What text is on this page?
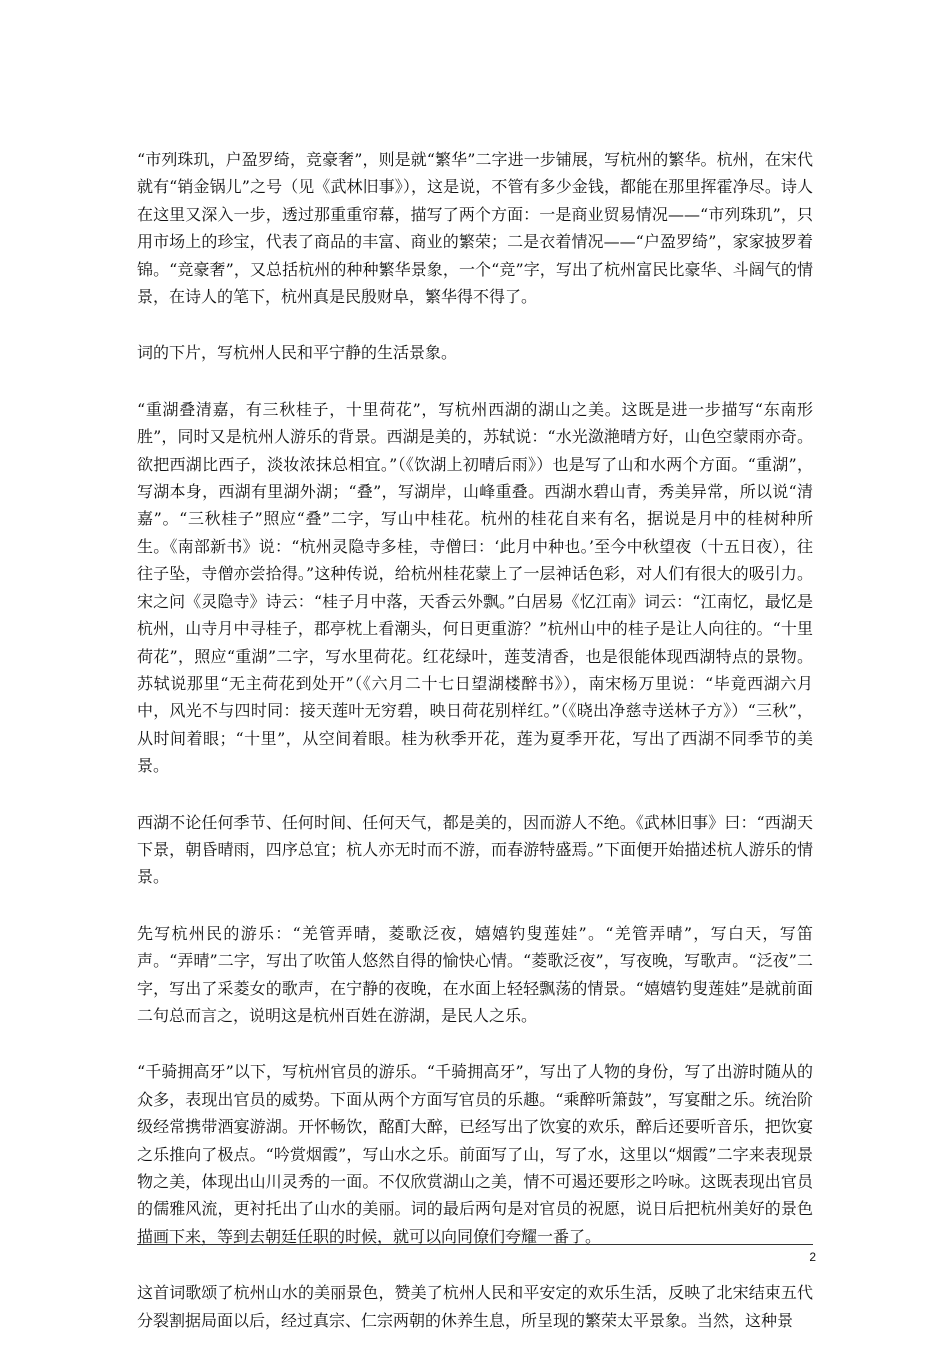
“市列珠玑，户盈罗绮，竞豪奢”，则是就“繁华”二字进一步铺展，写杭州的繁华。杭州，在宋代就有“销金锅儿”之号（见《武林旧事》），这是说，不管有多少金钱，都能在那里挥霍净尽。诗人在这里又深入一步，透过那重重帘幕，描写了两个方面：一是商业贸易情况——“市列珠玑”，只用市场上的珍宝，代表了商品的丰富、商业的繁荣；二是衣着情况——“户盈罗绮”，家家披罗着锦。“竞豪奢”，又总括杭州的种种繁华景象，一个“竞”字，写出了杭州富民比豪华、斗阔气的情景，在诗人的笔下，杭州真是民殷财阜，繁华得不得了。

词的下片，写杭州人民和平宁静的生活景象。

“重湖叠清嘉，有三秋桂子，十里荷花”，写杭州西湖的湖山之美。这既是进一步描写“东南形胜”，同时又是杭州人游乐的背景。西湖是美的，苏轼说：“水光潋滟晴方好，山色空蒙雨亦奇。欲把西湖比西子，淡妆浓抹总相宜。”（《饮湖上初晴后雨》）也是写了山和水两个方面。“重湖”，写湖本身，西湖有里湖外湖；“叠”，写湖岸，山峰重叠。西湖水碧山青，秀美异常，所以说“清嘉”。“三秋桂子”照应“叠”二字，写山中桂花。杭州的桂花自来有名，据说是月中的桂树种所生。《南部新书》说：“杭州灵隐寺多桂，寺僧曰：‘此月中种也。’至今中秋望夜（十五日夜），往往子坠，寺僧亦尝拾得。”这种传说，给杭州桂花蒙上了一层神话色彩，对人们有很大的吸引力。宋之问《灵隐寺》诗云：“桂子月中落，天香云外飘。”白居易《忆江南》词云：“江南忆，最忆是杭州，山寺月中寻桂子，郡亭枕上看潮头，何日更重游？”杭州山中的桂子是让人向往的。“十里荷花”，照应“重湖”二字，写水里荷花。红花绿叶，莲芰清香，也是很能体现西湖特点的景物。苏轼说那里“无主荷花到处开”（《六月二十七日望湖楼醉书》），南宋杨万里说：“毕竟西湖六月中，风光不与四时同：接天莲叶无穷碧，映日荷花别样红。”（《晓出净慈寺送林子方》）“三秋”，从时间着眼；“十里”，从空间着眼。桂为秋季开花，莲为夏季开花，写出了西湖不同季节的美景。

西湖不论任何季节、任何时间、任何天气，都是美的，因而游人不绝。《武林旧事》曰：“西湖天下景，朝昏晴雨，四序总宜；杭人亦无时而不游，而春游特盛焉。”下面便开始描述杭人游乐的情景。

先写杭州民的游乐：“羌管弄晴，菱歌泛夜，嬉嬉钓叟莲娃”。“羌管弄晴”，写白天，写笛声。“弄晴”二字，写出了吹笛人悠然自得的愉快心情。“菱歌泛夜”，写夜晚，写歌声。“泛夜”二字，写出了采菱女的歌声，在宁静的夜晚，在水面上轻轻飘荡的情景。“嬉嬉钓叟莲娃”是就前面二句总而言之，说明这是杭州百姓在游湖，是民人之乐。

“千骑拥高牙”以下，写杭州官员的游乐。“千骑拥高牙”，写出了人物的身份，写了出游时随从的众多，表现出官员的威势。下面从两个方面写官员的乐趣。“乘醉听箫鼓”，写宴酣之乐。统治阶级经常携带酒宴游湖。开怀畅饮，酩酊大醉，已经写出了饮宴的欢乐，醉后还要听音乐，把饮宴之乐推向了极点。“吟赏烟霞”，写山水之乐。前面写了山，写了水，这里以“烟霞”二字来表现景物之美，体现出山川灵秀的一面。不仅欣赏湖山之美，情不可遏还要形之吟咏。这既表现出官员的儒雅风流，更衬托出了山水的美丽。词的最后两句是对官员的祝愿，说日后把杭州美好的景色描画下来，等到去朝廷任职的时候，就可以向同僚们夸耀一番了。

这首词歌颂了杭州山水的美丽景色，赞美了杭州人民和平安定的欢乐生活，反映了北宋结束五代分裂割据局面以后，经过真宗、仁宗两朝的休养生息，所呈现的繁荣太平景象。当然，这种景

2
